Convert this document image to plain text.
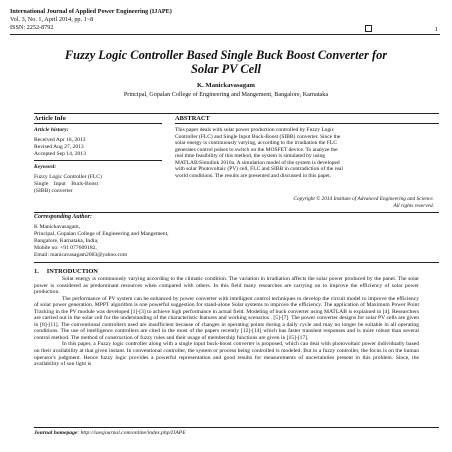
International Journal of Applied Power Engineering (IJAPE)
Vol. 3, No. 1, April 2014, pp. 1~8
ISSN: 2252-8792	1
Fuzzy Logic Controller Based Single Buck Boost Converter for
Solar PV Cell
K. Manickavasagam
Principal, Gopalan College of Engineering and Mangement, Bangalore, Karnataka
Article Info	ABSTRACT
Article history:
Received Apr 16, 2013
Revised Aug 27, 2013
Accepted Sep 14, 2013
Keyword:
Fuzzy Logic Controller (FLC)
Single    Input    Buck-Boost
(SIBB) converter
This paper deals with solar power production controlled by Fuzzy Logic
Controller (FLC) and Single Input Buck-Boost (SIBB) converter. Since the
solar energy is continuously varying, according to the irradiation the FLC
generates control pulses to switch on the MOSFET device. To analyze the
real time feasibility of this method, the system is simulated by using
MATLAB/Simulink 2010a. A simulation model of the system is developed
with solar Photovoltaic (PV) cell, FLC and SIBB in contradiction of the real
world conditions. The results are presented and discussed in this paper.
Copyright © 2014 Institute of Advanced Engineering and Science.
All rights reserved.
Corresponding Author:
K Manickavasagam,
Principal, Gopalan College of Engineering and Mangement,
Bangalore, Karnataka, India,
Mobile no: +91 077609182,
Email: manicavasagam2003@yahoo.com
1.     INTRODUCTION

Solar energy is continuously varying according to the climatic condition. The variation in irradiation affects the solar power produced by the panel. The solar power is considered as predominant resources when compared with others. In this field many researches are carrying on to improve the efficiency of solar power production.

The performance of PV system can be enhanced by power converter with intelligent control techniques to develop the circuit model to improve the efficiency of solar power generation. MPPT algorithm is one powerful suggestion for stand-alone Solar systems to improve the efficiency. The application of Maximum Power Point Tracking in the PV module was developed [1]-[3] to achieve high performance in actual field. Modeling of buck converter using MATLAB is explained in [4]. Researchers are carried out in the solar cell for the understanding of the characteristic features and working scenarios . [5]-[7]. The power converter designs for solar PV cells are given in [8]-[11]. The conventional controllers used are insufficient because of changes in operating points during a daily cycle and may no longer be suitable in all operating conditions. The use of intelligence controllers are cited in the most of the papers recently [12]-[14] which has faster transient responses and is more robust than several control method. The method of construction of fuzzy rules and their usage of membership functions are given in [15]-[17].

In this paper, a Fuzzy logic controller along with a single input buck-boost converter is proposed, which can deal with photovoltaic power individually based on their availability at that given instant. In conventional controller, the system or process being controlled is modeled. But in a fuzzy controller, the focus is on the human operator's judgment. Hence fuzzy logic provides a powerful representation and good results for measurements of uncertainties present in this problem. Since, the availability of sun light is

Journal homepage: http://iaesjournal.com/online/index.php/IJAPE
